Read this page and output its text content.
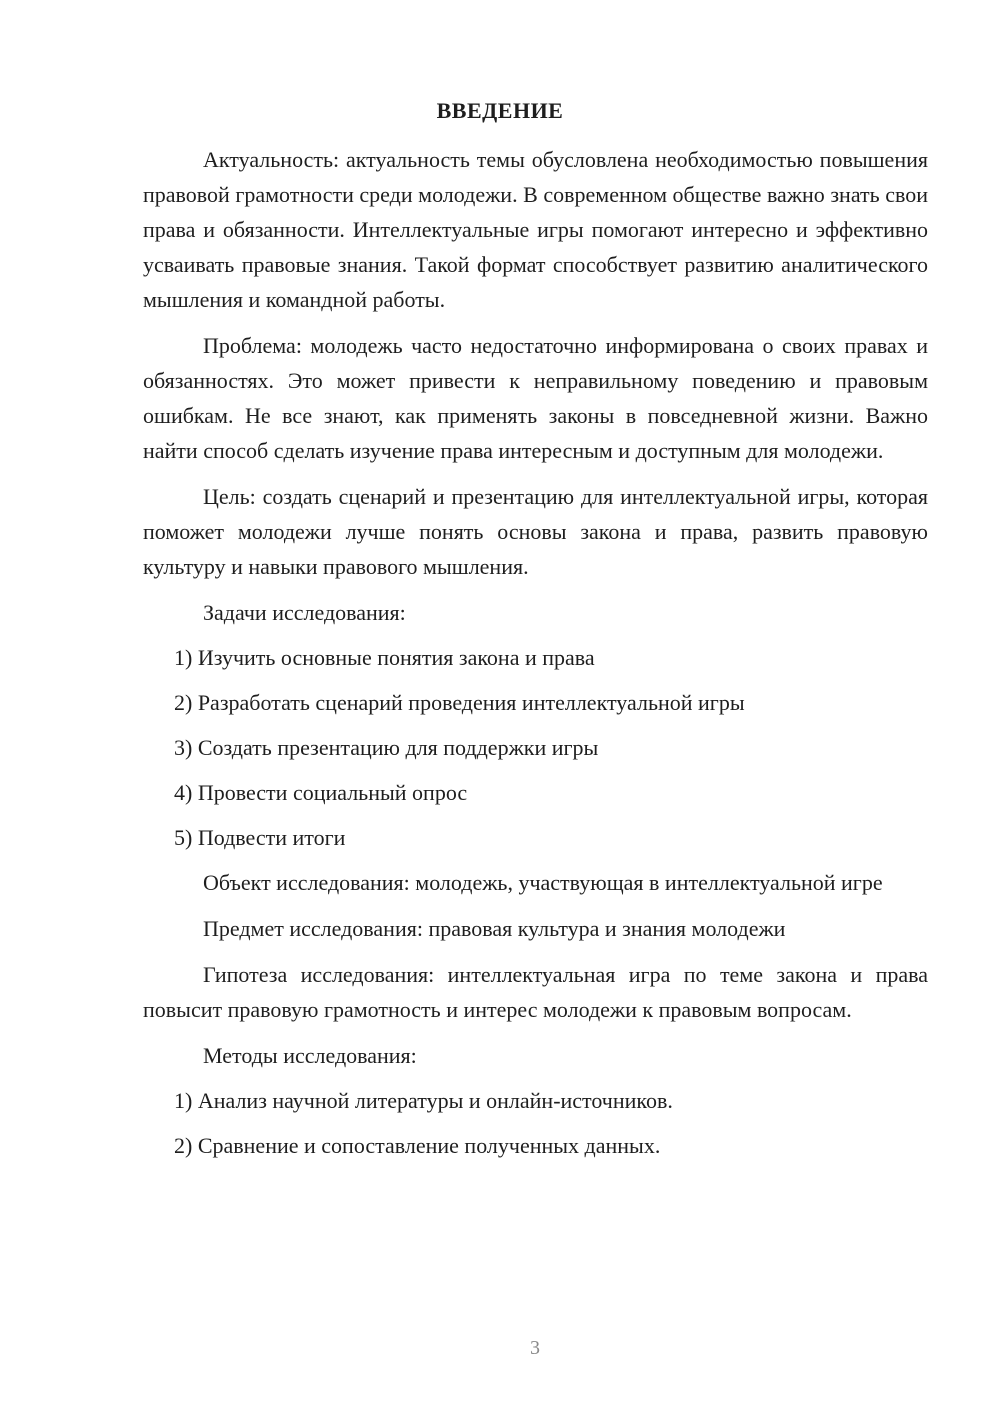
ВВЕДЕНИЕ

Актуальность: актуальность темы обусловлена необходимостью повышения правовой грамотности среди молодежи. В современном обществе важно знать свои права и обязанности. Интеллектуальные игры помогают интересно и эффективно усваивать правовые знания. Такой формат способствует развитию аналитического мышления и командной работы.

Проблема: молодежь часто недостаточно информирована о своих правах и обязанностях. Это может привести к неправильному поведению и правовым ошибкам. Не все знают, как применять законы в повседневной жизни. Важно найти способ сделать изучение права интересным и доступным для молодежи.

Цель: создать сценарий и презентацию для интеллектуальной игры, которая поможет молодежи лучше понять основы закона и права, развить правовую культуру и навыки правового мышления.

Задачи исследования:
1) Изучить основные понятия закона и права
2) Разработать сценарий проведения интеллектуальной игры
3) Создать презентацию для поддержки игры
4) Провести социальный опрос
5) Подвести итоги

Объект исследования: молодежь, участвующая в интеллектуальной игре

Предмет исследования: правовая культура и знания молодежи

Гипотеза исследования: интеллектуальная игра по теме закона и права повысит правовую грамотность и интерес молодежи к правовым вопросам.

Методы исследования:
1) Анализ научной литературы и онлайн-источников.
2) Сравнение и сопоставление полученных данных.
3
